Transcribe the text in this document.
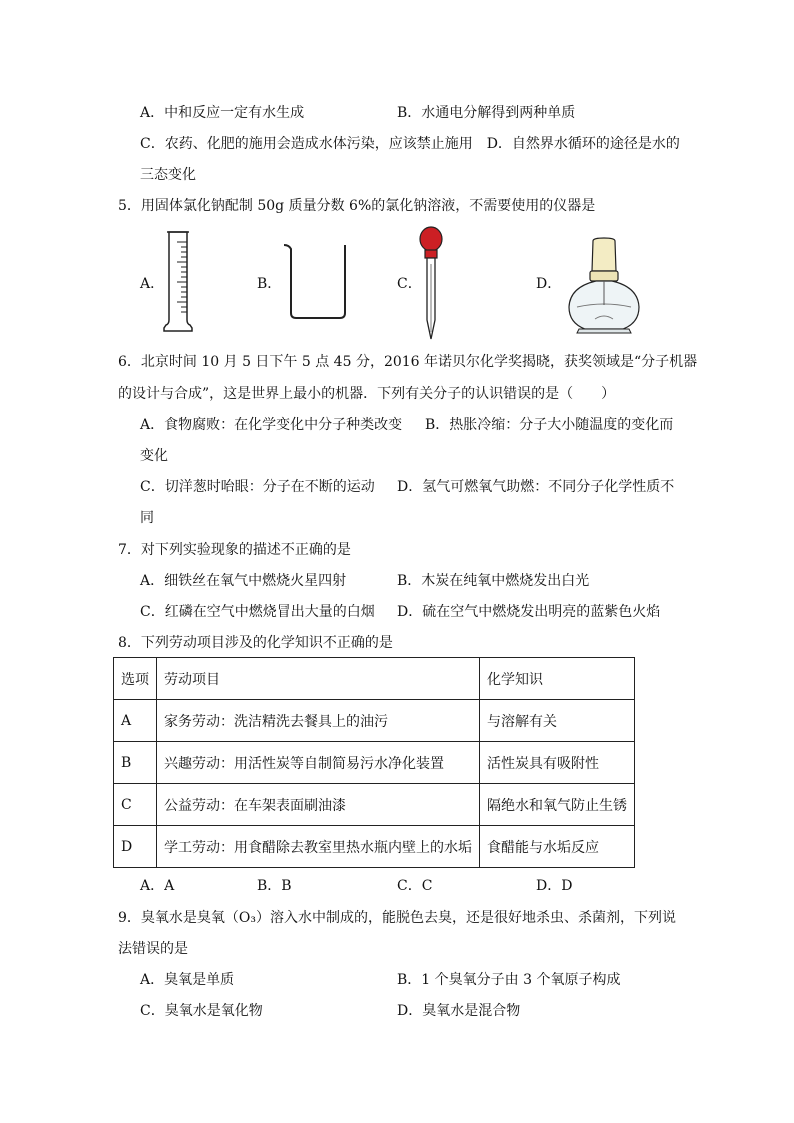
A．中和反应一定有水生成	B．水通电分解得到两种单质
C．农药、化肥的施用会造成水体污染，应该禁止施用　D．自然界水循环的途径是水的
三态变化
5．用固体氯化钠配制 50g 质量分数 6%的氯化钠溶液，不需要使用的仪器是
A．	B．	C．	D．
6．北京时间 10 月 5 日下午 5 点 45 分，2016 年诺贝尔化学奖揭晓，获奖领域是“分子机器
的设计与合成”，这是世界上最小的机器．下列有关分子的认识错误的是（　　）
A．食物腐败：在化学变化中分子种类改变 B．热胀冷缩：分子大小随温度的变化而
变化
C．切洋葱时咍眼：分子在不断的运动 D．氢气可燃氧气助燃：不同分子化学性质不
同
7．对下列实验现象的描述不正确的是
A．细铁丝在氧气中燃烧火星四射	B．木炭在纯氧中燃烧发出白光
C．红磷在空气中燃烧冒出大量的白烟 D．硫在空气中燃烧发出明亮的蓝紫色火焰
8．下列劳动项目涉及的化学知识不正确的是
选项	劳动项目	化学知识
A	家务劳动：洗洁精洗去餐具上的油污	与溶解有关
B	兴趣劳动：用活性炭等自制简易污水净化装置	活性炭具有吸附性
C	公益劳动：在车架表面刷油漆	隔绝水和氧气防止生锈
D	学工劳动：用食醋除去教室里热水瓶内壁上的水垢	食醋能与水垢反应
A．A	B．B	C．C	D．D
9．臭氧水是臭氧（O₃）溶入水中制成的，能脱色去臭，还是很好地杀虫、杀菌剂，下列说
法错误的是
A．臭氧是单质	B．1 个臭氧分子由 3 个氧原子构成
C．臭氧水是氧化物	D．臭氧水是混合物
